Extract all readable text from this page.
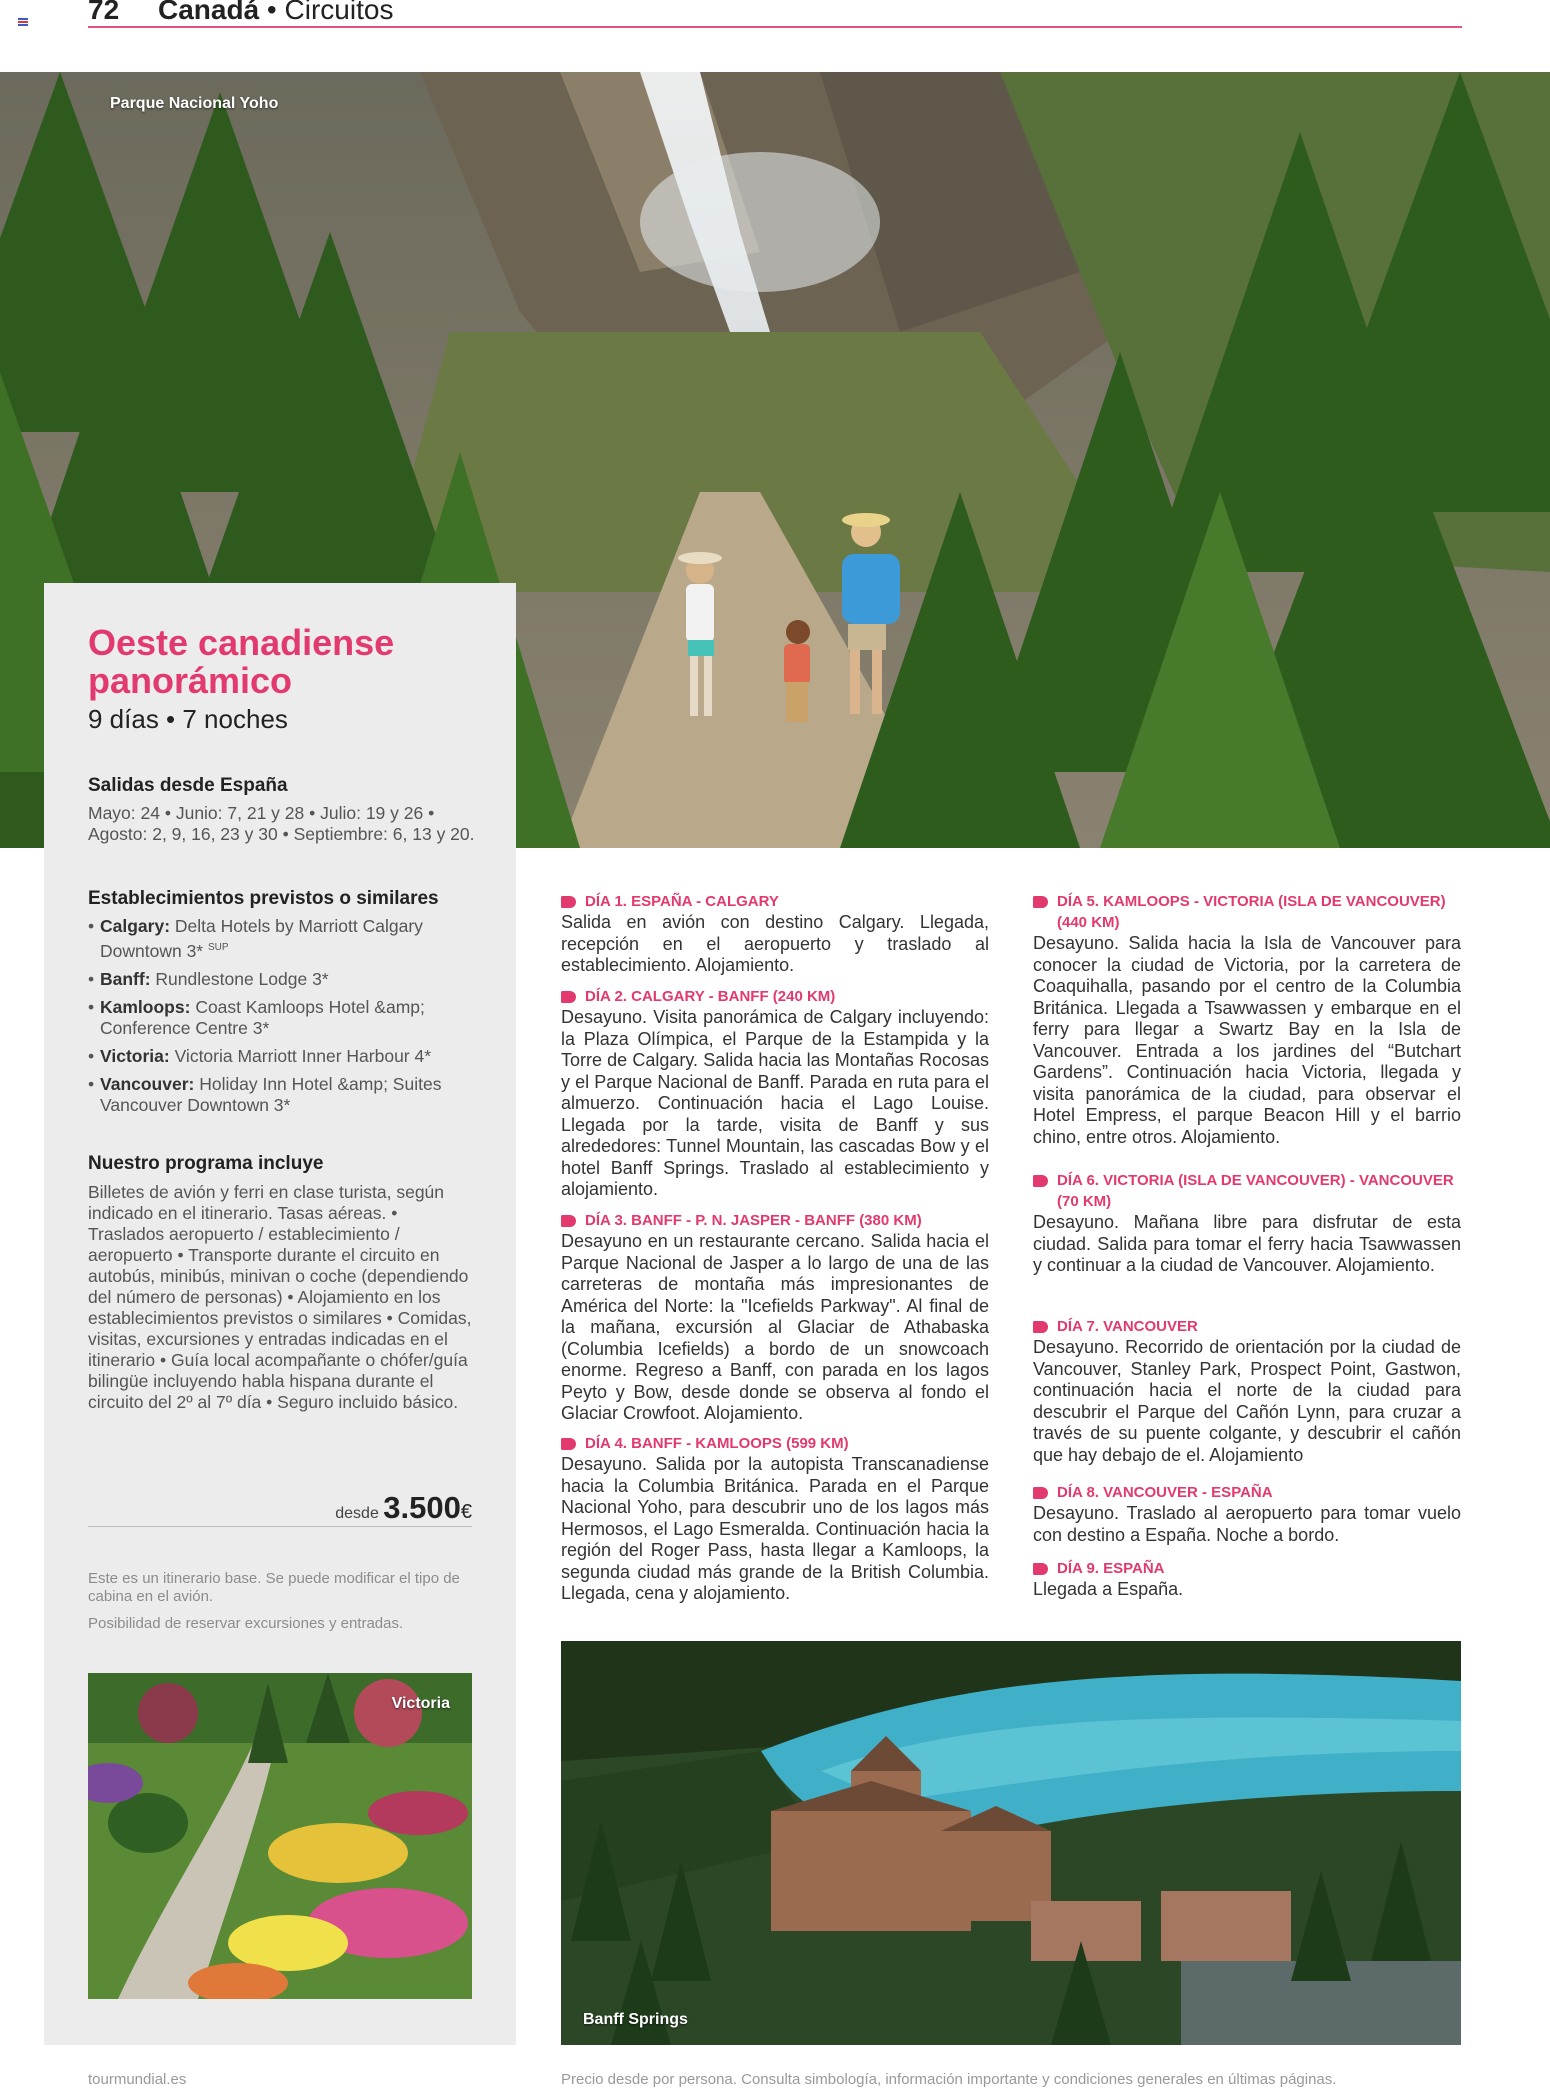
72 Canadá • Circuitos
Parque Nacional Yoho
Oeste canadiense panorámico
9 días • 7 noches
Salidas desde España
Mayo: 24 • Junio: 7, 21 y 28 • Julio: 19 y 26 • Agosto: 2, 9, 16, 23 y 30 • Septiembre: 6, 13 y 20.
Establecimientos previstos o similares
• Calgary: Delta Hotels by Marriott Calgary Downtown 3* $^{SUP}$
• Banff: Rundlestone Lodge 3*
• Kamloops: Coast Kamloops Hotel &amp; Conference Centre 3*
• Victoria: Victoria Marriott Inner Harbour 4*
• Vancouver: Holiday Inn Hotel &amp; Suites Vancouver Downtown 3*
Nuestro programa incluye
Billetes de avión y ferri en clase turista, según indicado en el itinerario. Tasas aéreas. • Traslados aeropuerto / establecimiento / aeropuerto • Transporte durante el circuito en autobús, minibús, minivan o coche (dependiendo del número de personas) • Alojamiento en los establecimientos previstos o similares • Comidas, visitas, excursiones y entradas indicadas en el itinerario • Guía local acompañante o chófer/guía bilingüe incluyendo habla hispana durante el circuito del 2º al 7º día • Seguro incluido básico.
desde 3.500€
Este es un itinerario base. Se puede modificar el tipo de cabina en el avión.
Posibilidad de reservar excursiones y entradas.
Victoria
DÍA 1. ESPAÑA - CALGARY
Salida en avión con destino Calgary. Llegada, recepción en el aeropuerto y traslado al establecimiento. Alojamiento.
DÍA 2. CALGARY - BANFF (240 KM)
Desayuno. Visita panorámica de Calgary incluyendo: la Plaza Olímpica, el Parque de la Estampida y la Torre de Calgary. Salida hacia las Montañas Rocosas y el Parque Nacional de Banff. Parada en ruta para el almuerzo. Continuación hacia el Lago Louise. Llegada por la tarde, visita de Banff y sus alrededores: Tunnel Mountain, las cascadas Bow y el hotel Banff Springs. Traslado al establecimiento y alojamiento.
DÍA 3. BANFF - P. N. JASPER - BANFF (380 KM)
Desayuno en un restaurante cercano. Salida hacia el Parque Nacional de Jasper a lo largo de una de las carreteras de montaña más impresionantes de América del Norte: la "Icefields Parkway". Al final de la mañana, excursión al Glaciar de Athabaska (Columbia Icefields) a bordo de un snowcoach enorme. Regreso a Banff, con parada en los lagos Peyto y Bow, desde donde se observa al fondo el Glaciar Crowfoot. Alojamiento.
DÍA 4. BANFF - KAMLOOPS (599 KM)
Desayuno. Salida por la autopista Transcanadiense hacia la Columbia Británica. Parada en el Parque Nacional Yoho, para descubrir uno de los lagos más Hermosos, el Lago Esmeralda. Continuación hacia la región del Roger Pass, hasta llegar a Kamloops, la segunda ciudad más grande de la British Columbia. Llegada, cena y alojamiento.
DÍA 5. KAMLOOPS - VICTORIA (ISLA DE VANCOUVER) (440 KM)
Desayuno. Salida hacia la Isla de Vancouver para conocer la ciudad de Victoria, por la carretera de Coaquihalla, pasando por el centro de la Columbia Británica. Llegada a Tsawwassen y embarque en el ferry para llegar a Swartz Bay en la Isla de Vancouver. Entrada a los jardines del “Butchart Gardens”. Continuación hacia Victoria, llegada y visita panorámica de la ciudad, para observar el Hotel Empress, el parque Beacon Hill y el barrio chino, entre otros. Alojamiento.
DÍA 6. VICTORIA (ISLA DE VANCOUVER) - VANCOUVER (70 KM)
Desayuno. Mañana libre para disfrutar de esta ciudad. Salida para tomar el ferry hacia Tsawwassen y continuar a la ciudad de Vancouver. Alojamiento.
DÍA 7. VANCOUVER
Desayuno. Recorrido de orientación por la ciudad de Vancouver, Stanley Park, Prospect Point, Gastwon, continuación hacia el norte de la ciudad para descubrir el Parque del Cañón Lynn, para cruzar a través de su puente colgante, y descubrir el cañón que hay debajo de el. Alojamiento
DÍA 8. VANCOUVER - ESPAÑA
Desayuno. Traslado al aeropuerto para tomar vuelo con destino a España. Noche a bordo.
DÍA 9. ESPAÑA
Llegada a España.
Banff Springs
tourmundial.es	Precio desde por persona. Consulta simbología, información importante y condiciones generales en últimas páginas.
